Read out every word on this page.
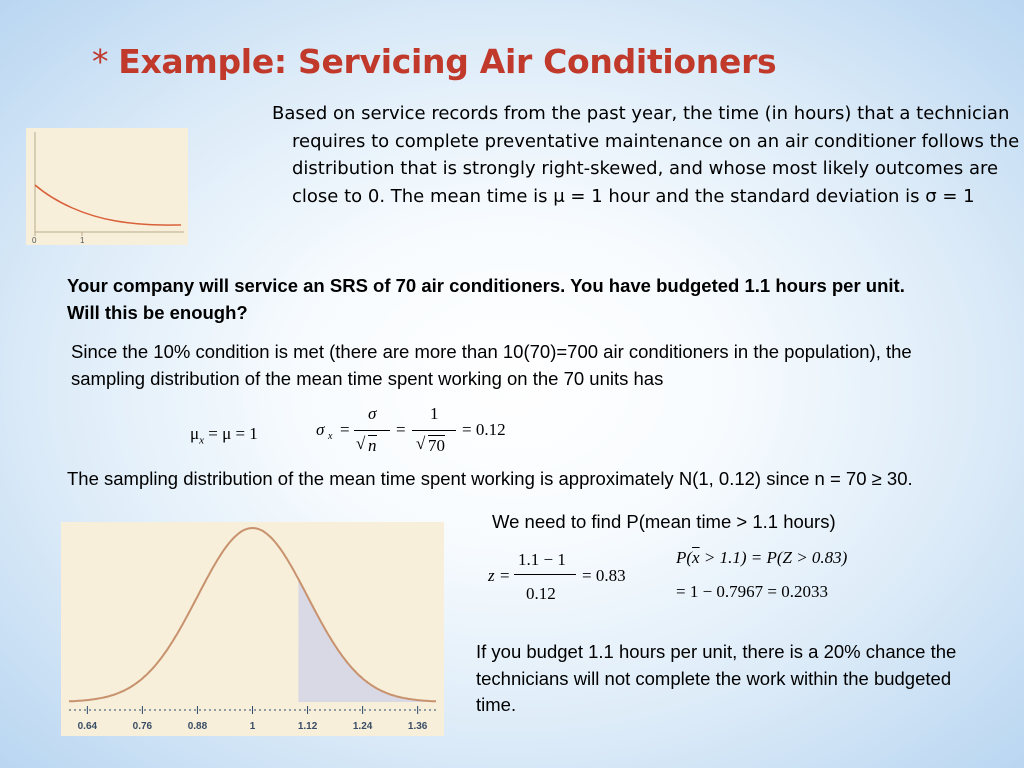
* Example: Servicing Air Conditioners
0	1
Based on service records from the past year, the time (in hours) that a technician requires to complete preventative maintenance on an air conditioner follows the distribution that is strongly right-skewed, and whose most likely outcomes are close to 0. The mean time is μ = 1 hour and the standard deviation is σ = 1
Your company will service an SRS of 70 air conditioners. You have budgeted 1.1 hours per unit. Will this be enough?
Since the 10% condition is met (there are more than 10(70)=700 air conditioners in the population), the sampling distribution of the mean time spent working on the 70 units has
$\mu_x = \mu = 1$	σ x =
σ
√ n
=
1
√ 70
= 0.12
The sampling distribution of the mean time spent working is approximately N(1, 0.12) since n = 70 ≥ 30.
0.64	0.76	0.88	1	1.12	1.24	1.36
We need to find P(mean time > 1.1 hours)
z =
1.1 − 1
0.12
= 0.83
$P(\overline{x} > 1.1) = P(Z > 0.83)$
= 1 − 0.7967 = 0.2033
If you budget 1.1 hours per unit, there is a 20% chance the technicians will not complete the work within the budgeted time.
